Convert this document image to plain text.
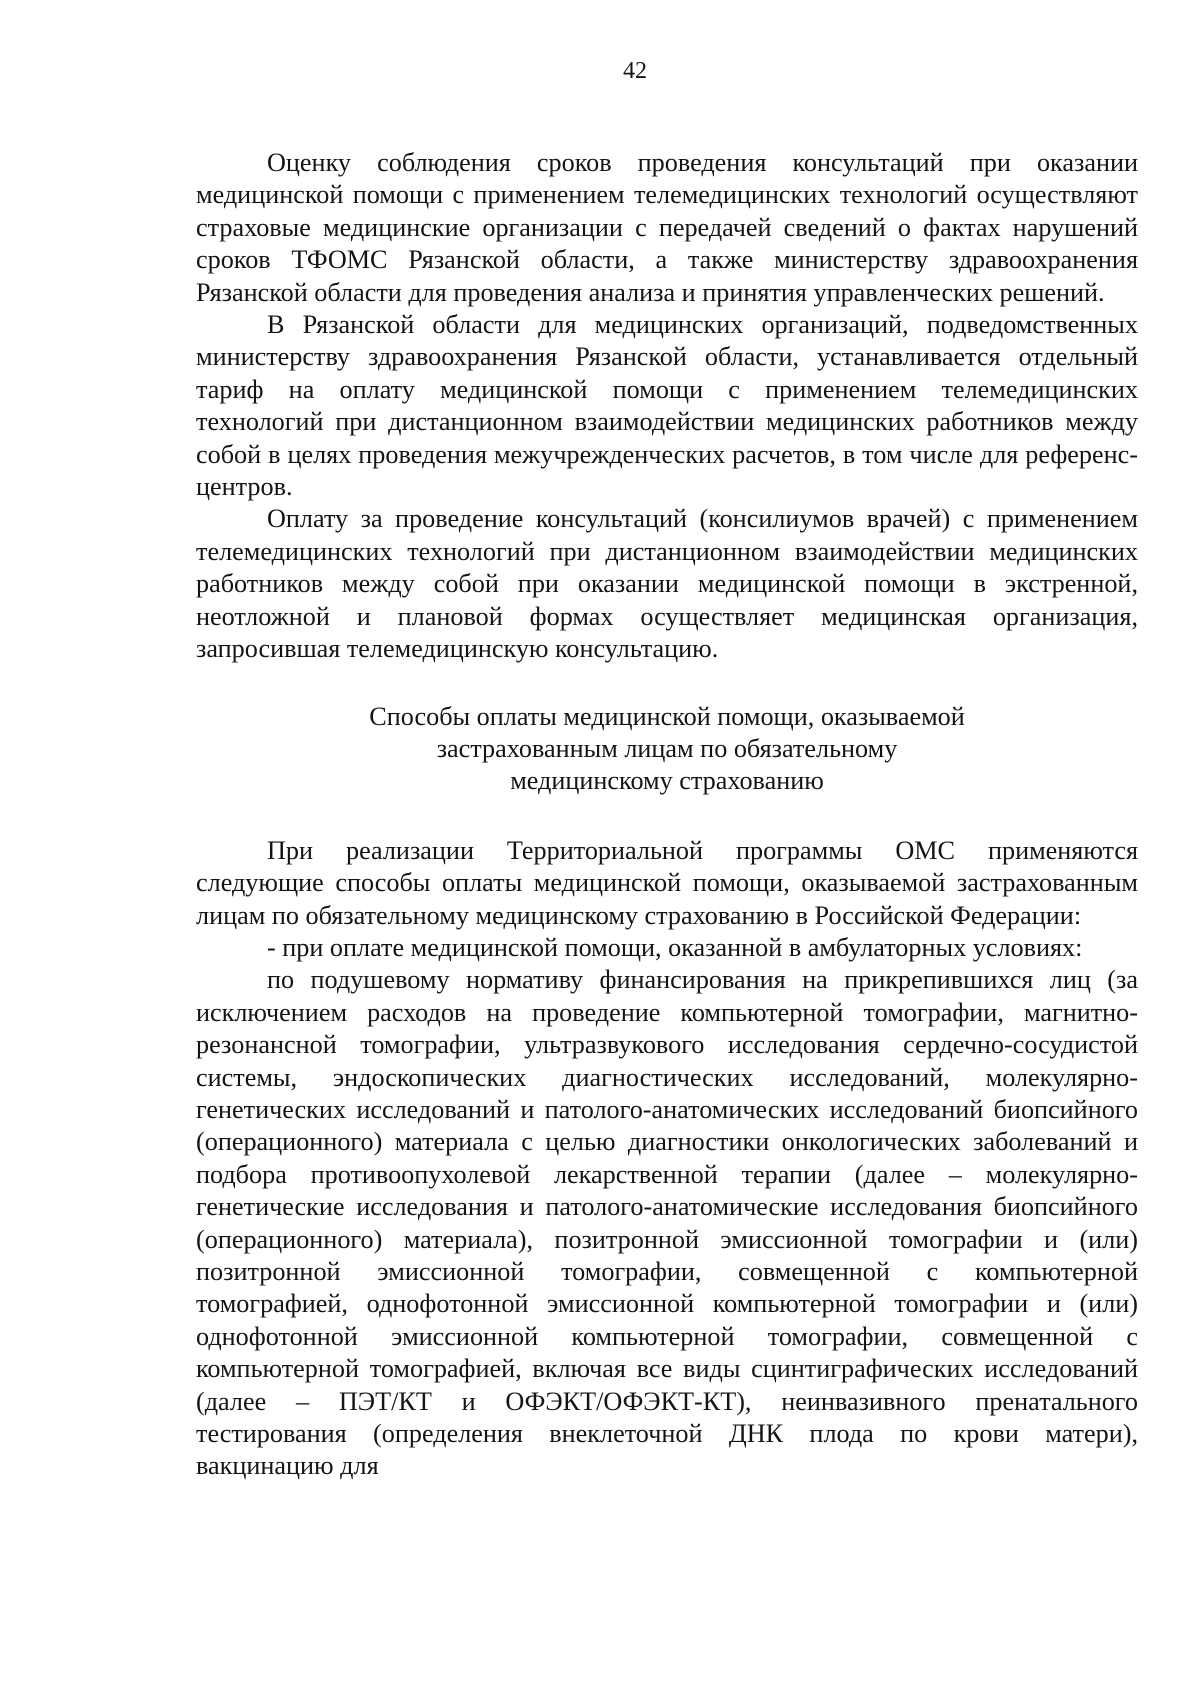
42

Оценку соблюдения сроков проведения консультаций при оказании медицинской помощи с применением телемедицинских технологий осуществляют страховые медицинские организации с передачей сведений о фактах нарушений сроков ТФОМС Рязанской области, а также министерству здравоохранения Рязанской области для проведения анализа и принятия управленческих решений.

В Рязанской области для медицинских организаций, подведомственных министерству здравоохранения Рязанской области, устанавливается отдельный тариф на оплату медицинской помощи с применением телемедицинских технологий при дистанционном взаимодействии медицинских работников между собой в целях проведения межучрежденческих расчетов, в том числе для референс-центров.

Оплату за проведение консультаций (консилиумов врачей) с применением телемедицинских технологий при дистанционном взаимодействии медицинских работников между собой при оказании медицинской помощи в экстренной, неотложной и плановой формах осуществляет медицинская организация, запросившая телемедицинскую консультацию.

Способы оплаты медицинской помощи, оказываемой
застрахованным лицам по обязательному
медицинскому страхованию

При реализации Территориальной программы ОМС применяются следующие способы оплаты медицинской помощи, оказываемой застрахованным лицам по обязательному медицинскому страхованию в Российской Федерации:

- при оплате медицинской помощи, оказанной в амбулаторных условиях:

по подушевому нормативу финансирования на прикрепившихся лиц (за исключением расходов на проведение компьютерной томографии, магнитно-резонансной томографии, ультразвукового исследования сердечно-сосудистой системы, эндоскопических диагностических исследований, молекулярно-генетических исследований и патолого-анатомических исследований биопсийного (операционного) материала с целью диагностики онкологических заболеваний и подбора противоопухолевой лекарственной терапии (далее – молекулярно-генетические исследования и патолого-анатомические исследования биопсийного (операционного) материала), позитронной эмиссионной томографии и (или) позитронной эмиссионной томографии, совмещенной с компьютерной томографией, однофотонной эмиссионной компьютерной томографии и (или) однофотонной эмиссионной компьютерной томографии, совмещенной с компьютерной томографией, включая все виды сцинтиграфических исследований (далее – ПЭТ/КТ и ОФЭКТ/ОФЭКТ-КТ), неинвазивного пренатального тестирования (определения внеклеточной ДНК плода по крови матери), вакцинацию для
